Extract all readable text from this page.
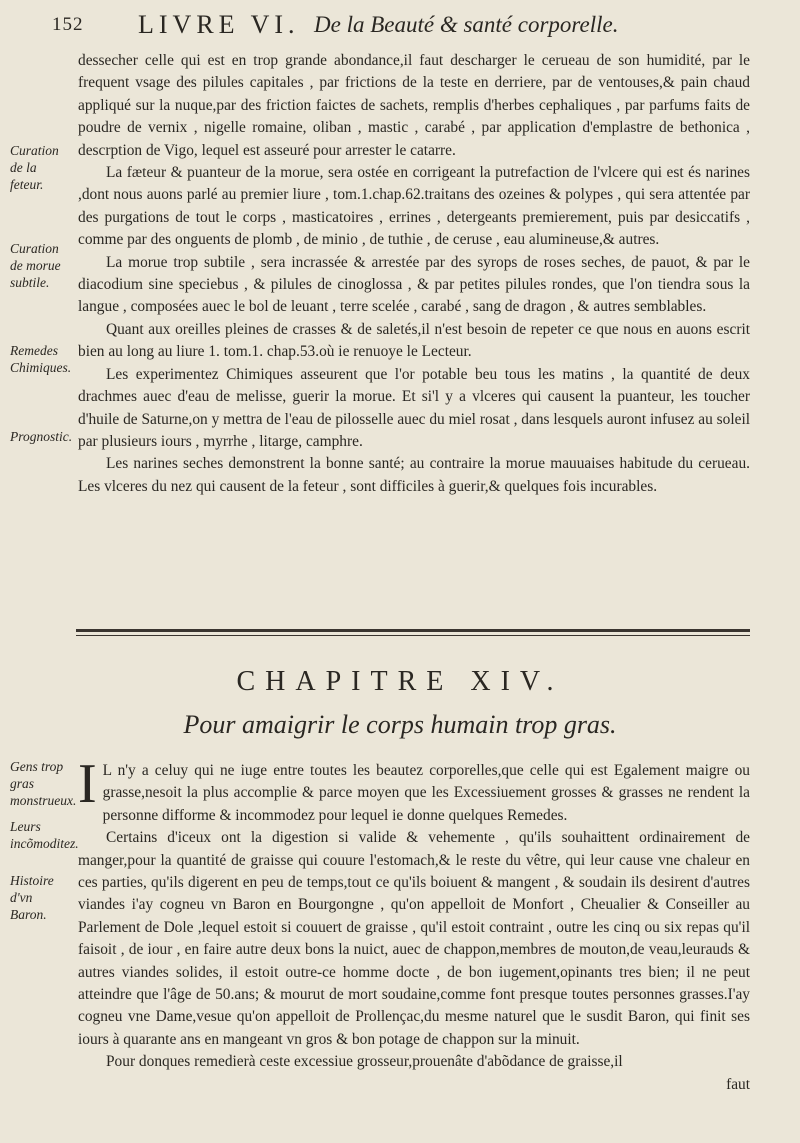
152 LIVRE VI. De la Beauté & santé corporelle.
Curation de la feteur.
Curation de morue subtile.
Remedes Chimiques.
Prognostic.
Gens trop gras monstrueux.
Leurs incõmoditez.
Histoire d'vn Baron.

dessecher celle qui est en trop grande abondance,il faut descharger le cerueau de son humidité, par le frequent vsage des pilules capitales , par frictions de la teste en derriere, par de ventouses,& pain chaud appliqué sur la nuque,par des friction faictes de sachets, remplis d'herbes cephaliques , par parfums faits de poudre de vernix , nigelle romaine, oliban , mastic , carabé , par application d'emplastre de bethonica , descrption de Vigo, lequel est asseuré pour arrester le catarre.

La fæteur & puanteur de la morue, sera ostée en corrigeant la putrefaction de l'vlcere qui est és narines ,dont nous auons parlé au premier liure , tom.1.chap.62.traitans des ozeines & polypes , qui sera attentée par des purgations de tout le corps , masticatoires , errines , detergeants premierement, puis par desiccatifs , comme par des onguents de plomb , de minio , de tuthie , de ceruse , eau alumineuse,& autres.

La morue trop subtile , sera incrassée & arrestée par des syrops de roses seches, de pauot, & par le diacodium sine speciebus , & pilules de cinoglossa , & par petites pilules rondes, que l'on tiendra sous la langue , composées auec le bol de leuant , terre scelée , carabé , sang de dragon , & autres semblables.

Quant aux oreilles pleines de crasses & de saletés,il n'est besoin de repeter ce que nous en auons escrit bien au long au liure 1. tom.1. chap.53.où ie renuoye le Lecteur.

Les experimentez Chimiques asseurent que l'or potable beu tous les matins , la quantité de deux drachmes auec d'eau de melisse, guerir la morue. Et si'l y a vlceres qui causent la puanteur, les toucher d'huile de Saturne,on y mettra de l'eau de pilosselle auec du miel rosat , dans lesquels auront infusez au soleil par plusieurs iours , myrrhe , litarge, camphre.

Les narines seches demonstrent la bonne santé; au contraire la morue mauuaises habitude du cerueau. Les vlceres du nez qui causent de la feteur , sont difficiles à guerir,& quelques fois incurables.

CHAPITRE XIV.
Pour amaigrir le corps humain trop gras.

I L n'y a celuy qui ne iuge entre toutes les beautez corporelles,que celle qui est Egalement maigre ou grasse,nesoit la plus accomplie & parce moyen que les Excessiuement grosses & grasses ne rendent la personne difforme & incommodez pour lequel ie donne quelques Remedes.

Certains d'iceux ont la digestion si valide & vehemente , qu'ils souhaittent ordinairement de manger,pour la quantité de graisse qui couure l'estomach,& le reste du vêtre, qui leur cause vne chaleur en ces parties, qu'ils digerent en peu de temps,tout ce qu'ils boiuent & mangent , & soudain ils desirent d'autres viandes i'ay cogneu vn Baron en Bourgongne , qu'on appelloit de Monfort , Cheualier & Conseiller au Parlement de Dole ,lequel estoit si couuert de graisse , qu'il estoit contraint , outre les cinq ou six repas qu'il faisoit , de iour , en faire autre deux bons la nuict, auec de chappon,membres de mouton,de veau,leurauds & autres viandes solides, il estoit outre-ce homme docte , de bon iugement,opinants tres bien; il ne peut atteindre que l'âge de 50.ans; & mourut de mort soudaine,comme font presque toutes personnes grasses.I'ay cogneu vne Dame,vesue qu'on appelloit de Prollençac,du mesme naturel que le susdit Baron, qui finit ses iours à quarante ans en mangeant vn gros & bon potage de chappon sur la minuit.

Pour donques remedierà ceste excessiue grosseur,prouenâte d'abõdance de graisse,il

faut
